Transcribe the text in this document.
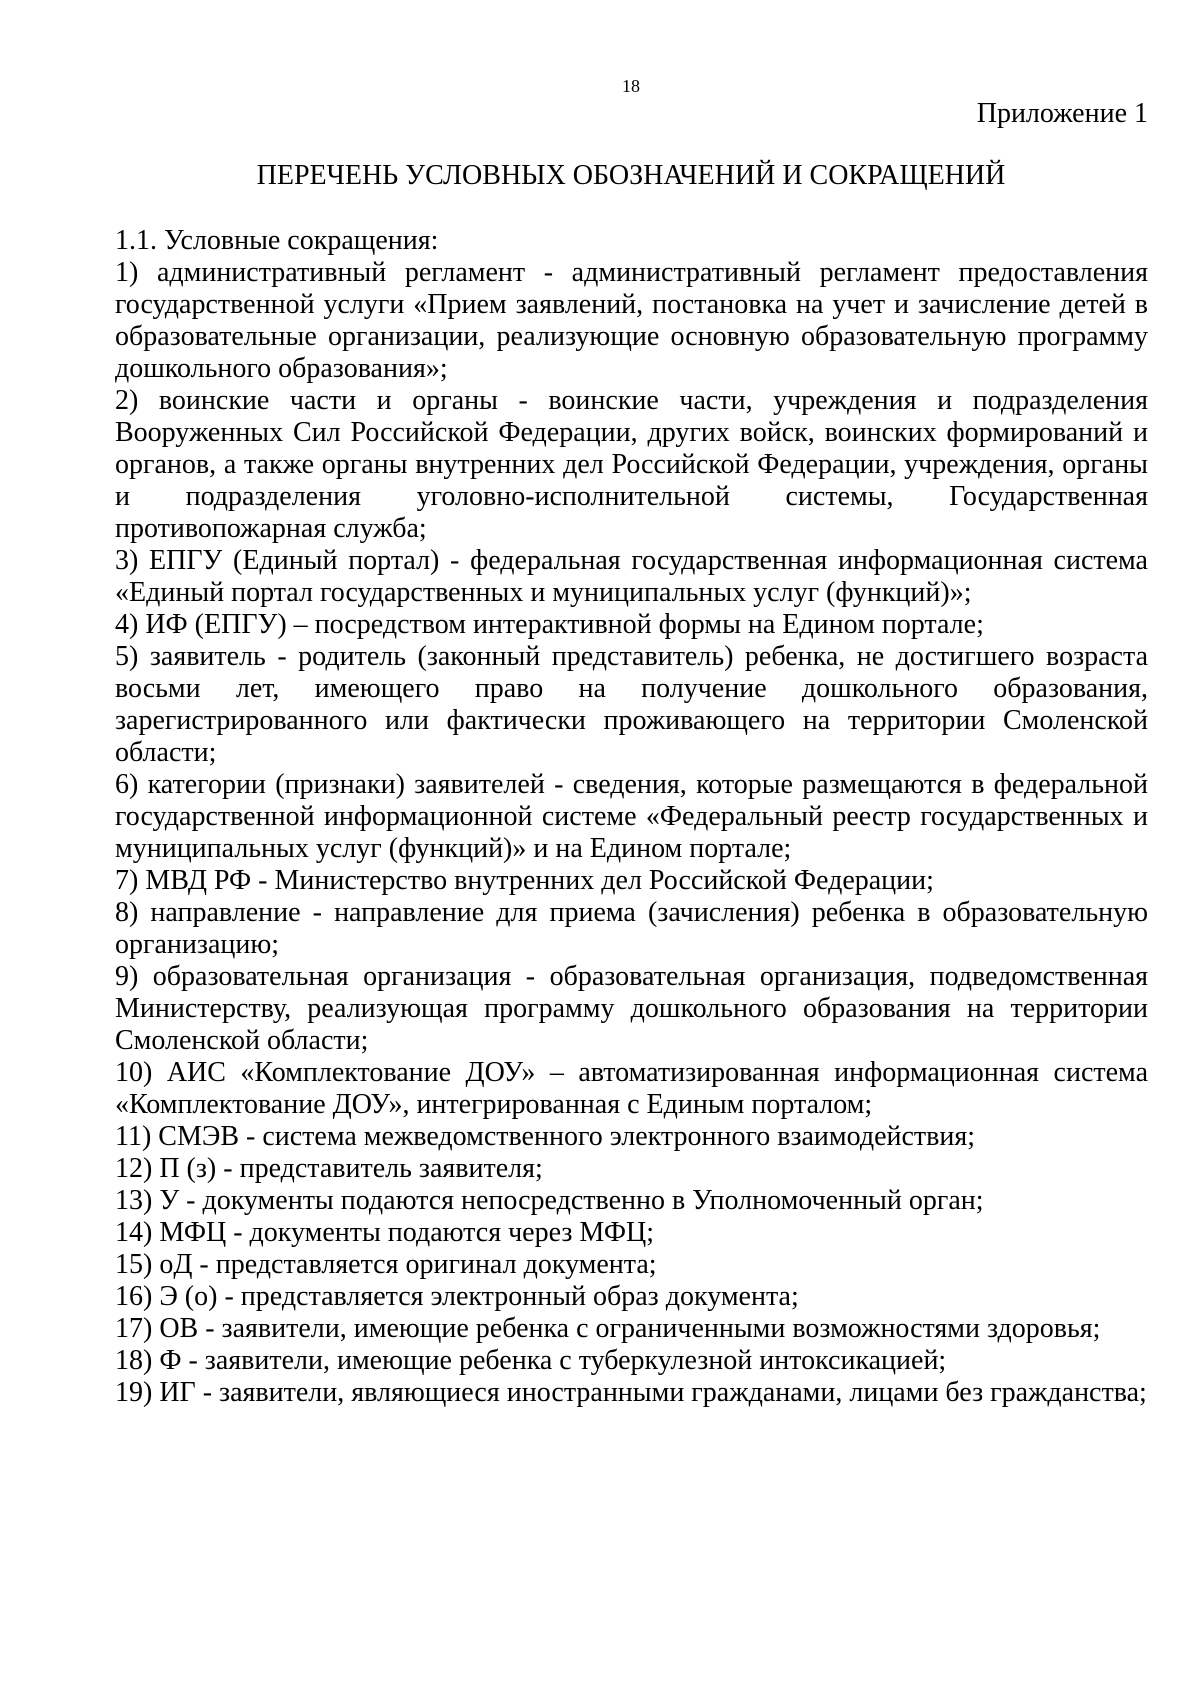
18
Приложение 1
ПЕРЕЧЕНЬ УСЛОВНЫХ ОБОЗНАЧЕНИЙ И СОКРАЩЕНИЙ

1.1. Условные сокращения:

1) административный регламент - административный регламент предоставления государственной услуги «Прием заявлений, постановка на учет и зачисление детей в образовательные организации, реализующие основную образовательную программу дошкольного образования»;

2) воинские части и органы - воинские части, учреждения и подразделения Вооруженных Сил Российской Федерации, других войск, воинских формирований и органов, а также органы внутренних дел Российской Федерации, учреждения, органы и подразделения уголовно-исполнительной системы, Государственная противопожарная служба;

3) ЕПГУ (Единый портал) - федеральная государственная информационная система «Единый портал государственных и муниципальных услуг (функций)»;

4) ИФ (ЕПГУ) – посредством интерактивной формы на Едином портале;

5) заявитель - родитель (законный представитель) ребенка, не достигшего возраста восьми лет, имеющего право на получение дошкольного образования, зарегистрированного или фактически проживающего на территории Смоленской области;

6) категории (признаки) заявителей - сведения, которые размещаются в федеральной государственной информационной системе «Федеральный реестр государственных и муниципальных услуг (функций)» и на Едином портале;

7) МВД РФ - Министерство внутренних дел Российской Федерации;

8) направление - направление для приема (зачисления) ребенка в образовательную организацию;

9) образовательная организация - образовательная организация, подведомственная Министерству, реализующая программу дошкольного образования на территории Смоленской области;

10) АИС «Комплектование ДОУ» – автоматизированная информационная система «Комплектование ДОУ», интегрированная с Единым порталом;

11) СМЭВ - система межведомственного электронного взаимодействия;

12) П (з) - представитель заявителя;

13) У - документы подаются непосредственно в Уполномоченный орган;

14) МФЦ - документы подаются через МФЦ;

15) оД - представляется оригинал документа;

16) Э (о) - представляется электронный образ документа;

17) ОВ - заявители, имеющие ребенка с ограниченными возможностями здоровья;

18) Ф - заявители, имеющие ребенка с туберкулезной интоксикацией;

19) ИГ - заявители, являющиеся иностранными гражданами, лицами без гражданства;
